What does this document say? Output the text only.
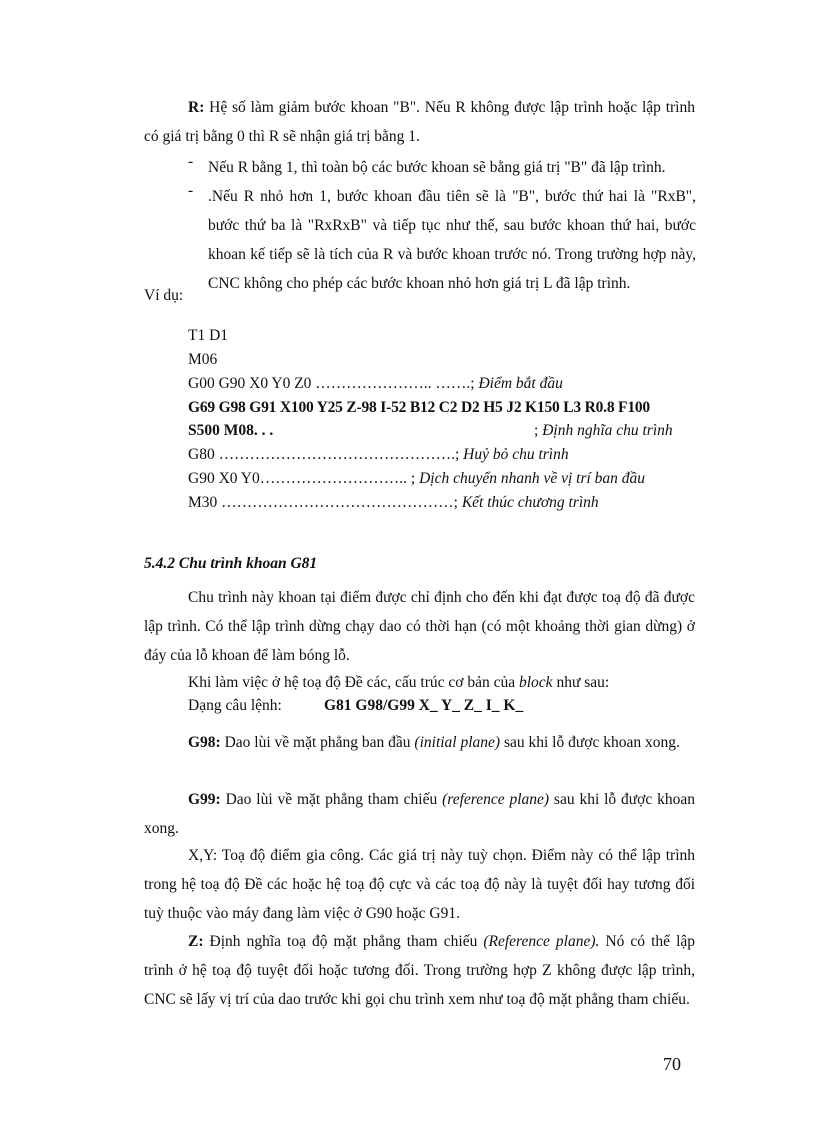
R: Hệ số làm giảm bước khoan "B". Nếu R không được lập trình hoặc lập trình có giá trị bằng 0 thì R sẽ nhận giá trị bằng 1.
- Nếu R bằng 1, thì toàn bộ các bước khoan sẽ bằng giá trị "B" đã lập trình.
- .Nếu R nhỏ hơn 1, bước khoan đầu tiên sẽ là "B", bước thứ hai là "RxB", bước thứ ba là "RxRxB" và tiếp tục như thế, sau bước khoan thứ hai, bước khoan kế tiếp sẽ là tích của R và bước khoan trước nó. Trong trường hợp này, CNC không cho phép các bước khoan nhỏ hơn giá trị L đã lập trình.
Ví dụ:
T1 D1
M06
G00 G90 X0 Y0 Z0 ………………….. …….; Điểm bắt đầu
G69 G98 G91 X100 Y25 Z-98 I-52 B12 C2 D2 H5 J2 K150 L3 R0.8 F100
S500 M08. . .	; Định nghĩa chu trình
G80 ……………………………………….; Huỷ bỏ chu trình
G90 X0 Y0……………………….. ; Dịch chuyển nhanh về vị trí ban đầu
M30 ………………………………………; Kết thúc chương trình
5.4.2 Chu trình khoan G81
Chu trình này khoan tại điểm được chỉ định cho đến khi đạt được toạ độ đã được lập trình. Có thể lập trình dừng chạy dao có thời hạn (có một khoảng thời gian dừng) ở đáy của lỗ khoan để làm bóng lỗ.
Khi làm việc ở hệ toạ độ Đề các, cấu trúc cơ bản của block như sau:
Dạng câu lệnh:	G81 G98/G99 X_ Y_ Z_ I_ K_
G98: Dao lùi về mặt phẳng ban đầu (initial plane) sau khi lỗ được khoan xong.
G99: Dao lùi về mặt phẳng tham chiếu (reference plane) sau khi lỗ được khoan xong.
X,Y: Toạ độ điểm gia công. Các giá trị này tuỳ chọn. Điểm này có thể lập trình trong hệ toạ độ Đề các hoặc hệ toạ độ cực và các toạ độ này là tuyệt đối hay tương đối tuỳ thuộc vào máy đang làm việc ở G90 hoặc G91.
Z: Định nghĩa toạ độ mặt phẳng tham chiếu (Reference plane). Nó có thể lập trình ở hệ toạ độ tuyệt đối hoặc tương đối. Trong trường hợp Z không được lập trình, CNC sẽ lấy vị trí của dao trước khi gọi chu trình xem như toạ độ mặt phẳng tham chiếu.
70
